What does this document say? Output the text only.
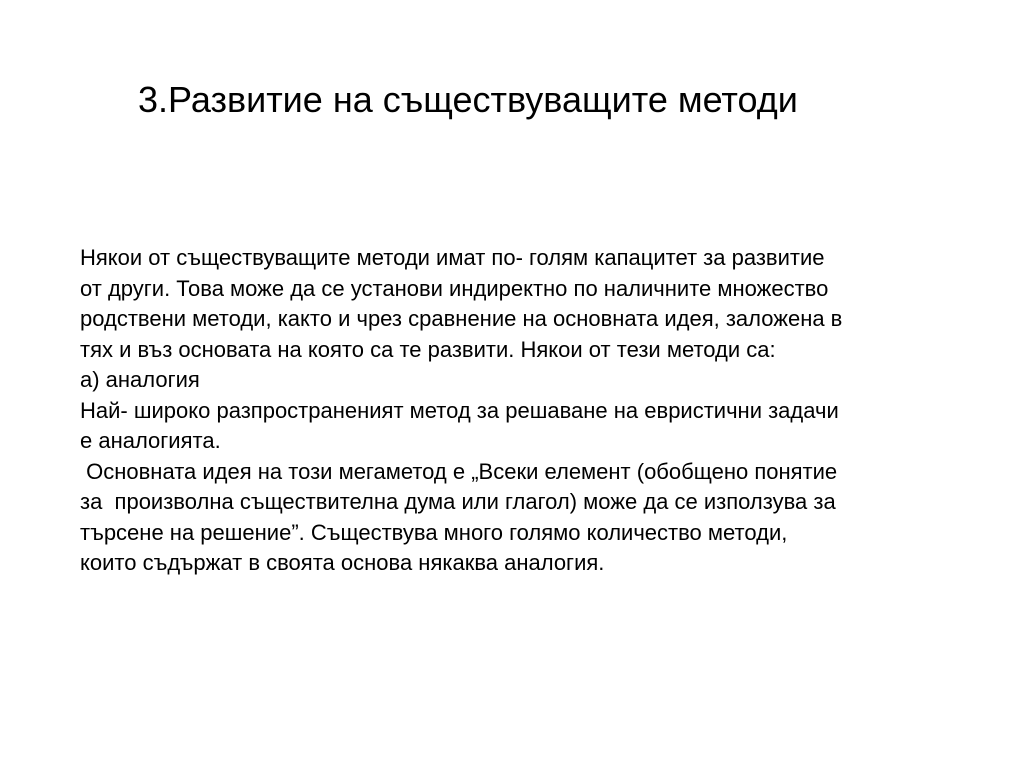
3.Развитие на съществуващите методи
Някои от съществуващите методи имат по- голям капацитет за развитие
от други. Това може да се установи индиректно по наличните множество
родствени методи, както и чрез сравнение на основната идея, заложена в
тях и въз основата на която са те развити. Някои от тези методи са:
а) аналогия
Най- широко разпространеният метод за решаване на евристични задачи
е аналогията.
Основната идея на този мегаметод е „Всеки елемент (обобщено понятие
за  произволна съществителна дума или глагол) може да се използува за
търсене на решение”. Съществува много голямо количество методи,
които съдържат в своята основа някаква аналогия.
